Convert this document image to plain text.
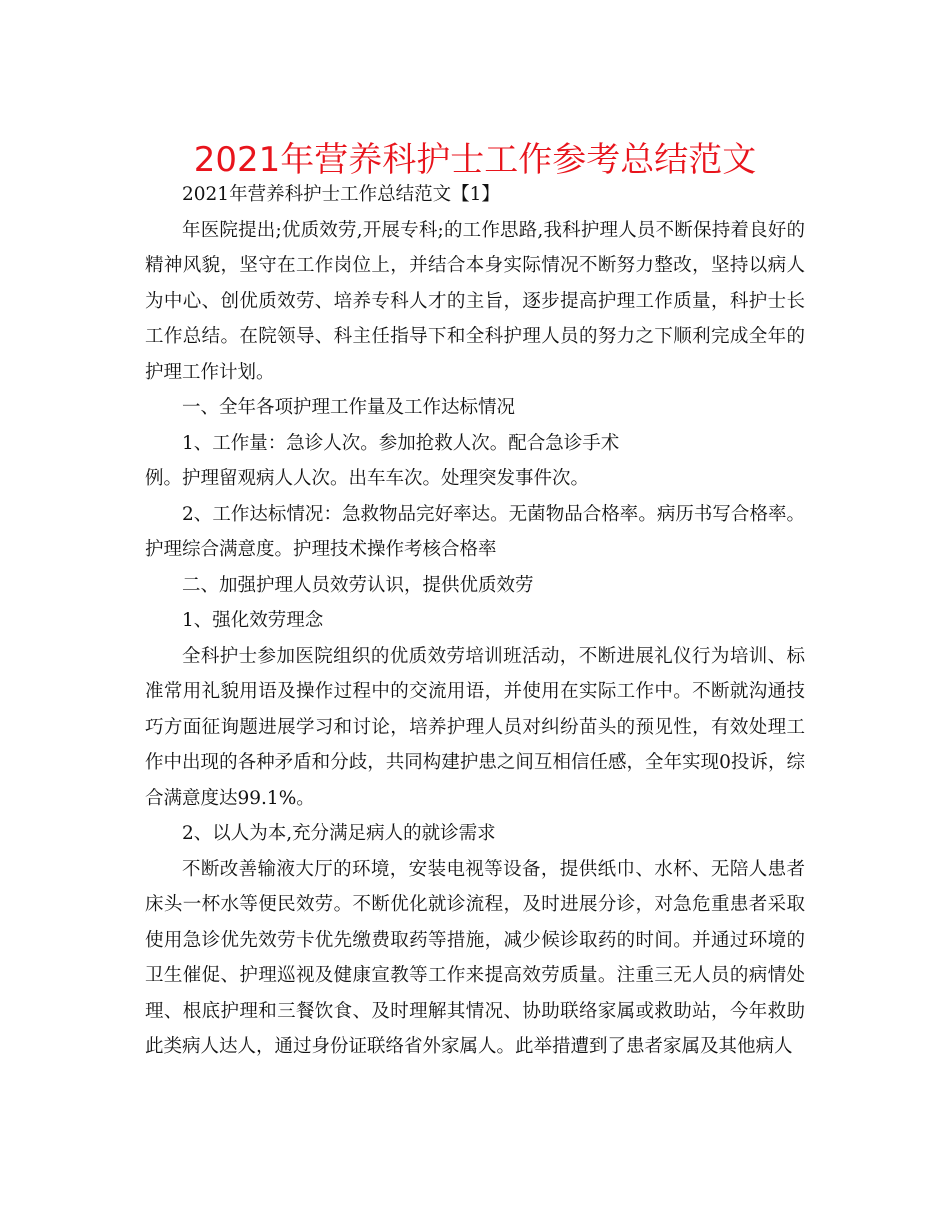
2021年营养科护士工作参考总结范文

2021年营养科护士工作总结范文【1】

年医院提出;优质效劳,开展专科;的工作思路,我科护理人员不断保持着良好的精神风貌，坚守在工作岗位上，并结合本身实际情况不断努力整改，坚持以病人为中心、创优质效劳、培养专科人才的主旨，逐步提高护理工作质量，科护士长工作总结。在院领导、科主任指导下和全科护理人员的努力之下顺利完成全年的护理工作计划。

一、全年各项护理工作量及工作达标情况

1、工作量：急诊人次。参加抢救人次。配合急诊手术

例。护理留观病人人次。出车车次。处理突发事件次。

2、工作达标情况：急救物品完好率达。无菌物品合格率。病历书写合格率。护理综合满意度。护理技术操作考核合格率

二、加强护理人员效劳认识，提供优质效劳

1、强化效劳理念

全科护士参加医院组织的优质效劳培训班活动，不断进展礼仪行为培训、标准常用礼貌用语及操作过程中的交流用语，并使用在实际工作中。不断就沟通技巧方面征询题进展学习和讨论，培养护理人员对纠纷苗头的预见性，有效处理工作中出现的各种矛盾和分歧，共同构建护患之间互相信任感，全年实现0投诉，综合满意度达99.1%。

2、以人为本,充分满足病人的就诊需求

不断改善输液大厅的环境，安装电视等设备，提供纸巾、水杯、无陪人患者床头一杯水等便民效劳。不断优化就诊流程，及时进展分诊，对急危重患者采取使用急诊优先效劳卡优先缴费取药等措施，减少候诊取药的时间。并通过环境的卫生催促、护理巡视及健康宣教等工作来提高效劳质量。注重三无人员的病情处理、根底护理和三餐饮食、及时理解其情况、协助联络家属或救助站，今年救助此类病人达人，通过身份证联络省外家属人。此举措遭到了患者家属及其他病人
